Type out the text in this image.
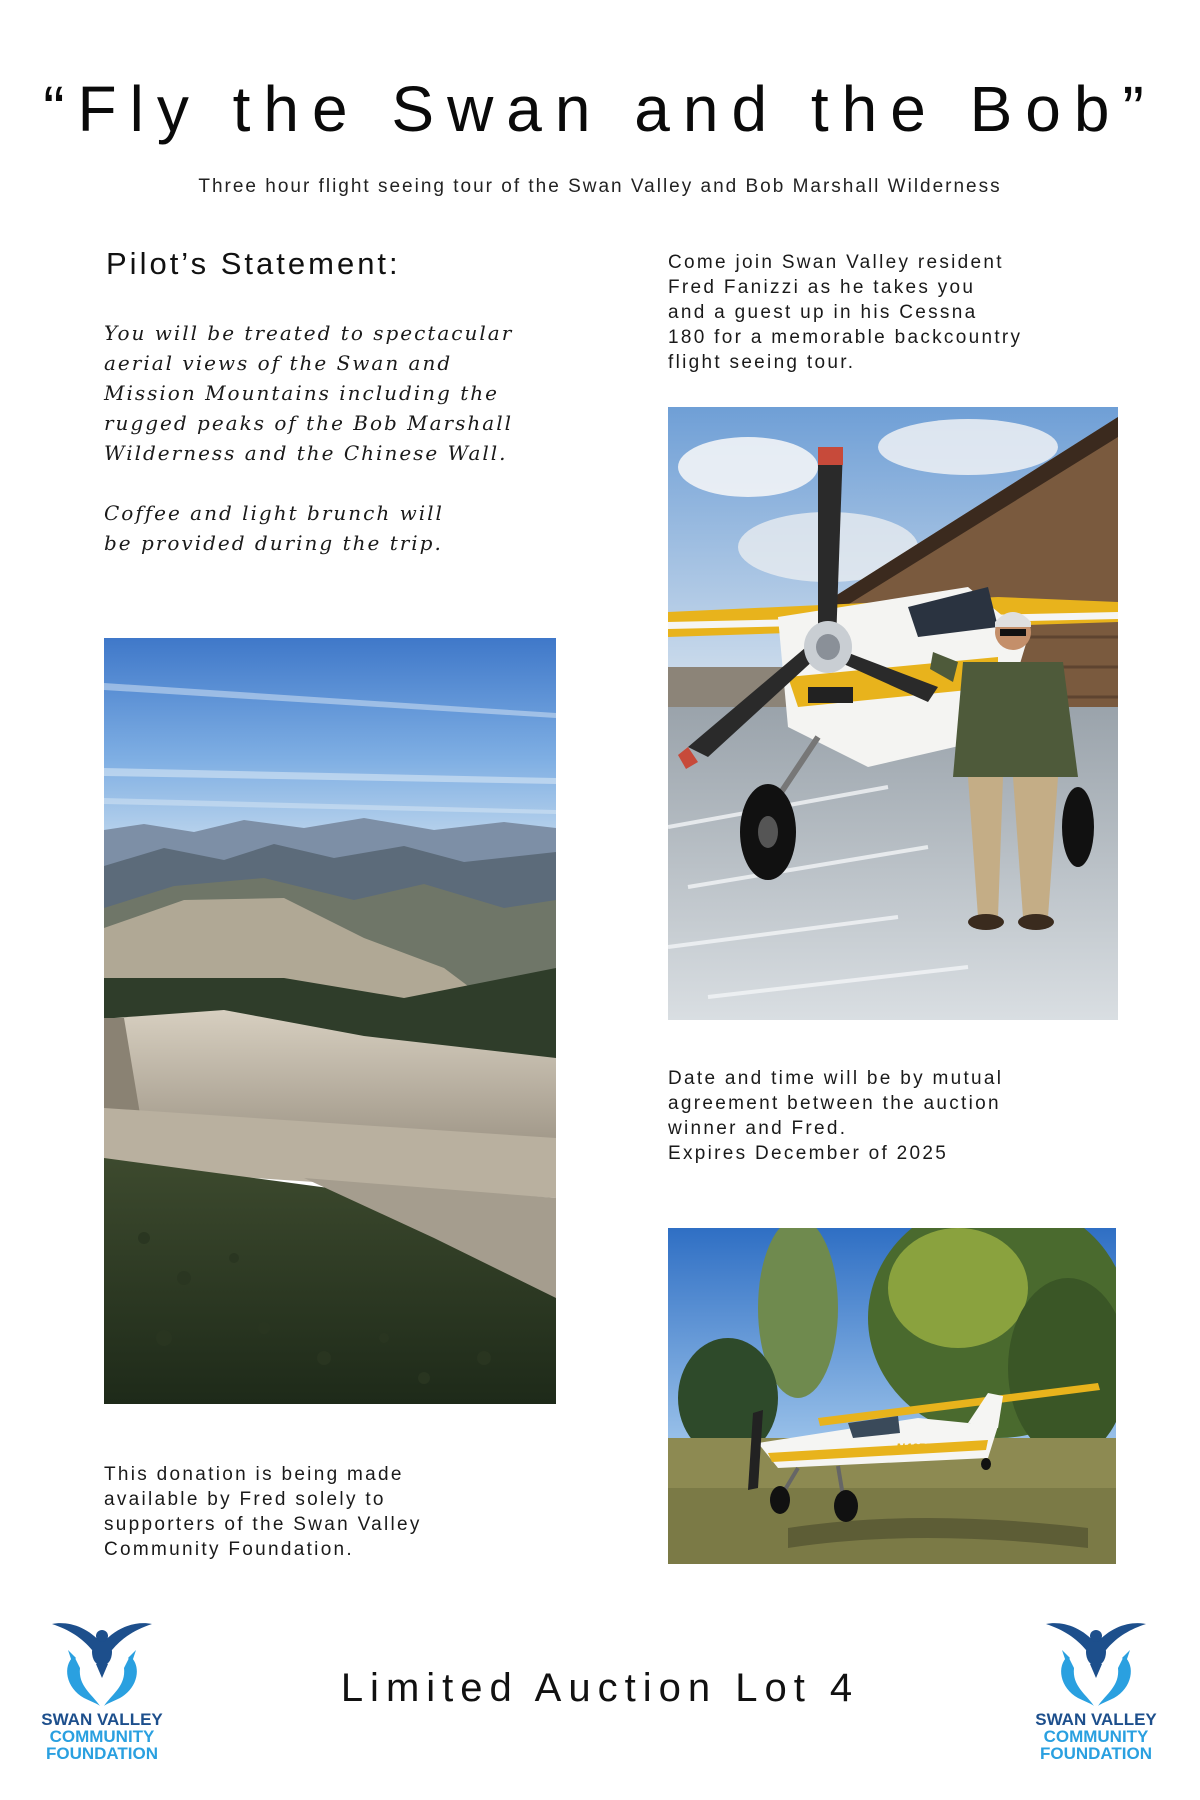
“Fly the Swan and the Bob”
Three hour flight seeing tour of the Swan Valley and Bob Marshall Wilderness
Pilot’s Statement:

You will be treated to spectacular
aerial views of the Swan and
Mission Mountains including the
rugged peaks of the Bob Marshall
Wilderness and the Chinese Wall.

Coffee and light brunch will
be provided during the trip.

Come join Swan Valley resident
Fred Fanizzi as he takes you
and a guest up in his Cessna
180 for a memorable backcountry
flight seeing tour.
Date and time will be by mutual
agreement between the auction
winner and Fred.
Expires December of 2025
N4653S
This donation is being made
available by Fred solely to
supporters of the Swan Valley
Community Foundation.
SWAN VALLEY
COMMUNITY
FOUNDATION
Limited Auction Lot 4
SWAN VALLEY
COMMUNITY
FOUNDATION
